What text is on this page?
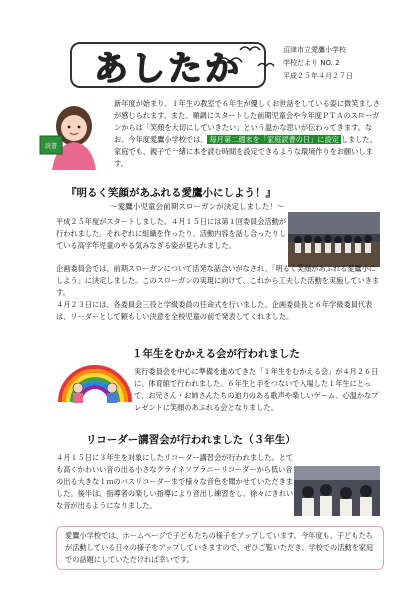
あしたか	沼津市立愛鷹小学校
学校だより NO. 2
平成２５年４月２７日
読書
新年度が始まり、１年生の教室で６年生が優しくお世話をしている姿に微笑ましさが感じられます。また、順調にスタートした前期児童会や今年度ＰＴＡのスローガンからは「笑顔を大切にしていきたい」という温かな思いが伝わってきます。なお、今年度愛鷹小学校では、 毎月第二週末を「家庭読書の日」に設定 しました。家庭でも、親子で一緒に本を読む時間を設定できるような環境作りをお願いします。
『明るく笑顔があふれる愛鷹小にしよう！』
～愛鷹小児童会前期スローガンが決定しました！～
平成２５年度がスタートしました。４月１５日には第１回委員会活動が行われました。それぞれに組織を作ったり、活動内容を話し合ったりしている高学年児童のやる気みなぎる姿が見られました。
企画委員会では、前期スローガンについて活発な話合いがなされ、「明るく笑顔があふれる愛鷹小にしよう」に決定しました。このスローガンの実現に向けて、これから工夫した活動を実施していきます。
４月２３日には、各委員会三役と学級委員の任命式を行いました。企画委員長と６年学級委員代表は、リーダーとして頼もしい決意を全校児童の前で発表してくれました。
１年生をむかえる会が行われました
実行委員会を中心に準備を進めてきた「１年生をむかえる会」が４月２６日に、体育館で行われました。６年生と手をつないで入場した１年生にとって、お兄さん・お姉さんたちの迫力のある歌声や楽しいゲーム、心温かなプレゼントに笑顔のあふれる会となりました。
リコーダー講習会が行われました（３年生）
４月１５日に３年生を対象にしたリコーダー講習会が行われました。とても高くかわいい音の出る小さなクライネソプラニーリコーダーから低い音の出る大きな１ｍのバスリコーダーまで様々な音色を聞かせていただきました。後半は、指導者の楽しい指導により音出し練習をし、徐々にきれいな音が出るようになりました。
愛鷹小学校では、ホームページで子どもたちの様子をアップしています。今年度も、子どもたちが活動している日々の様子をアップしていきますので、ぜひご覧いただき、学校での活動を家庭での話題にしていただければ幸いです。
